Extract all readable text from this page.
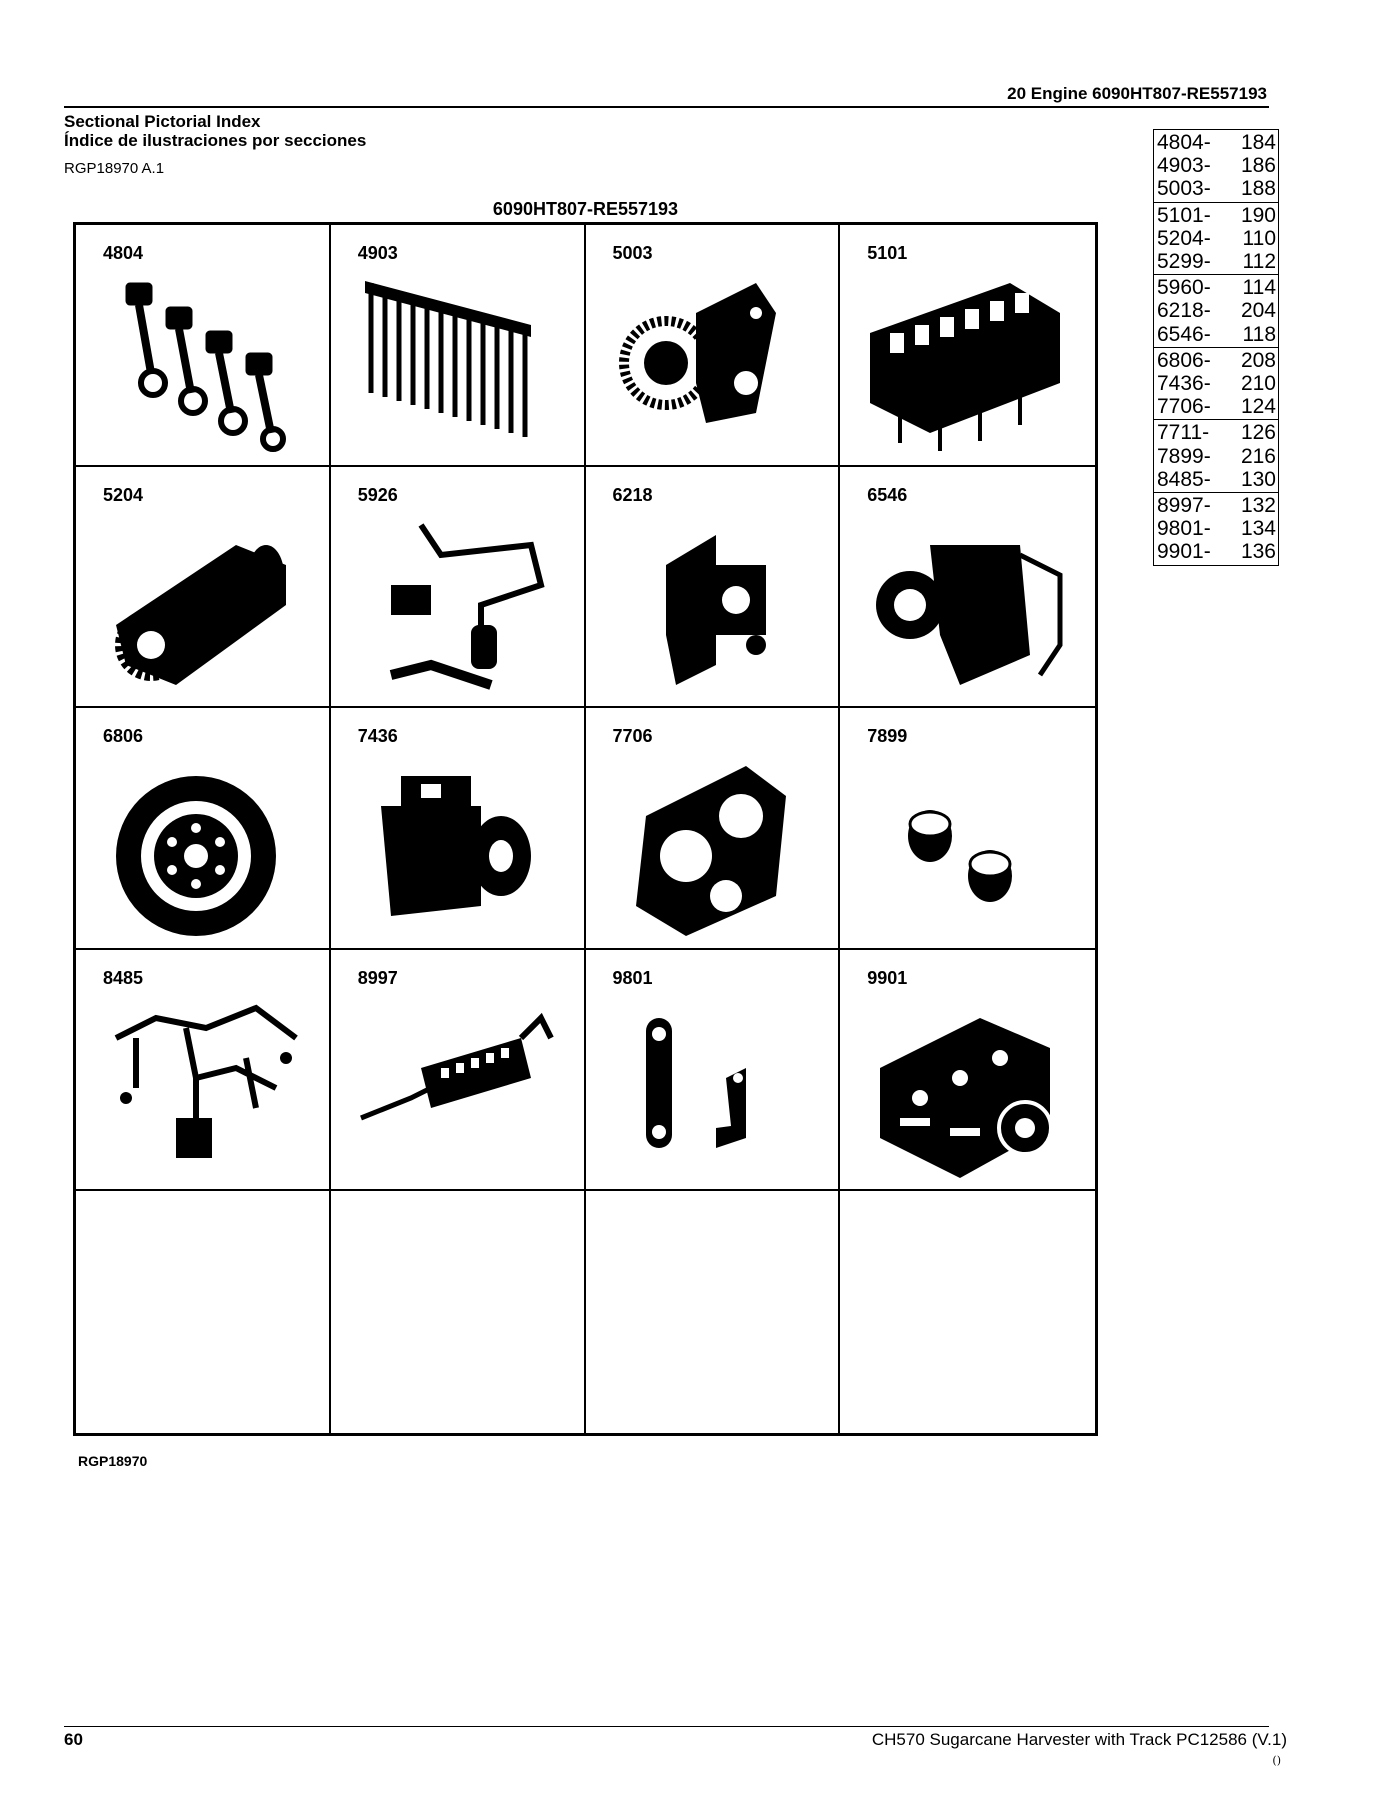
20 Engine 6090HT807-RE557193
Sectional Pictorial Index
Índice de ilustraciones por secciones
RGP18970 A.1
6090HT807-RE557193
4804	4903	5003	5101
5204	5926	6218	6546
6806	7436	7706	7899
8485	8997	9801	9901
RGP18970
4804- 184
4903- 186
5003- 188
5101- 190
5204- 110
5299- 112
5960- 114
6218- 204
6546- 118
6806- 208
7436- 210
7706- 124
7711- 126
7899- 216
8485- 130
8997- 132
9801- 134
9901- 136
60	CH570 Sugarcane Harvester with Track PC12586 (V.1)
()
